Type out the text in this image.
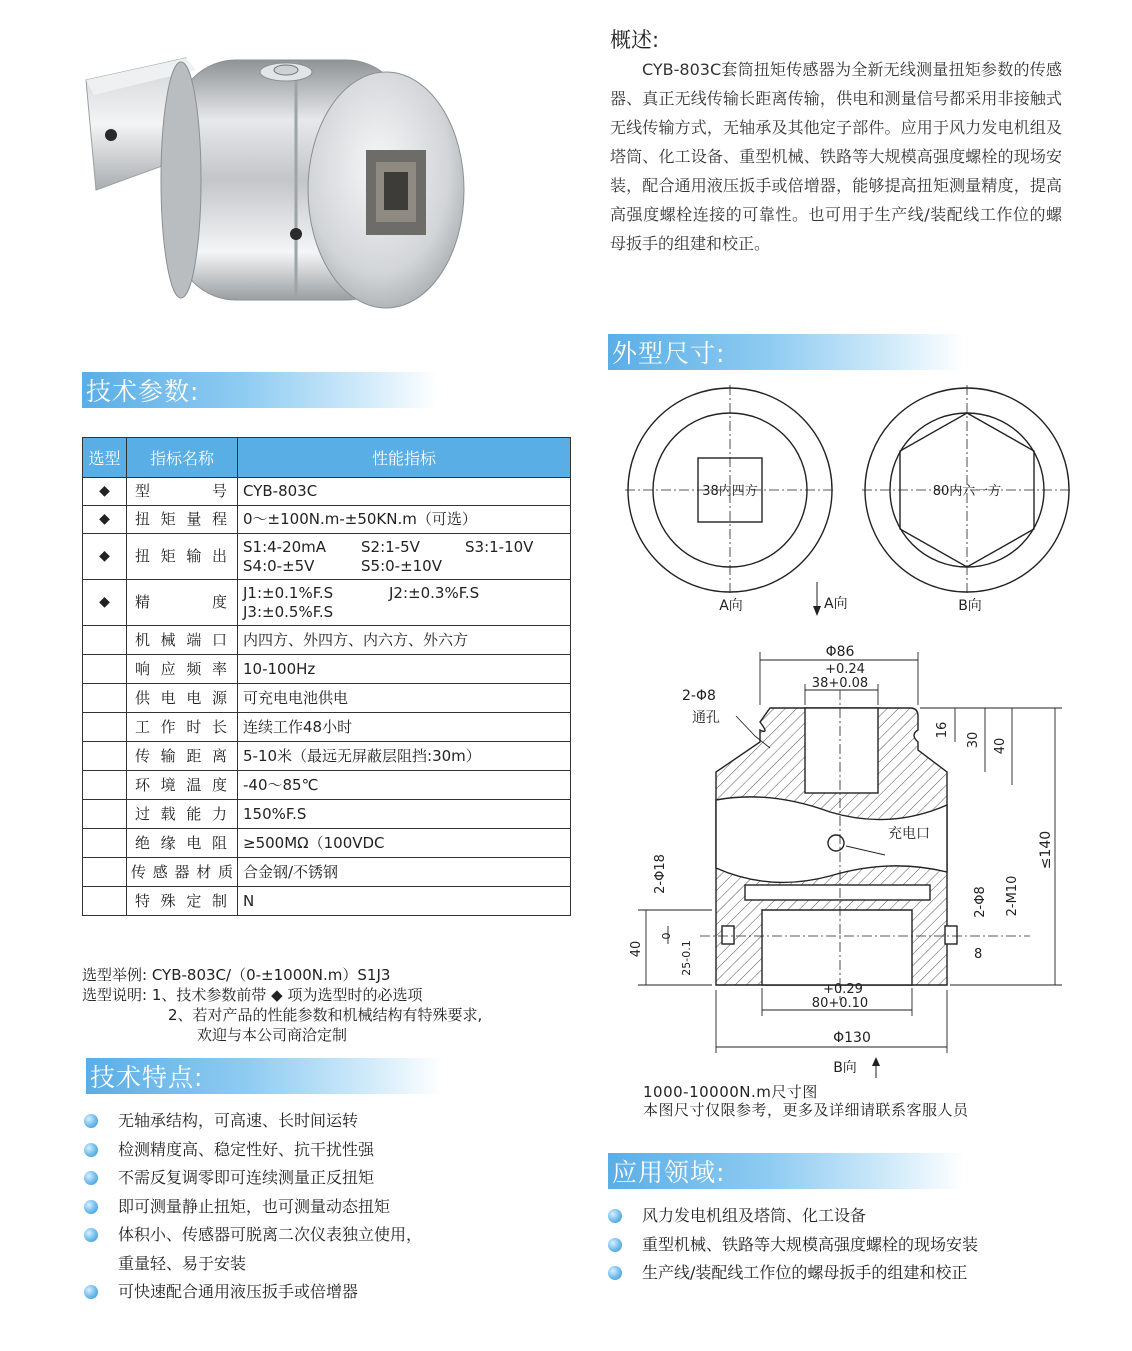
概述:
CYB-803C套筒扭矩传感器为全新无线测量扭矩参数的传感器、真正无线传输长距离传输，供电和测量信号都采用非接触式无线传输方式，无轴承及其他定子部件。应用于风力发电机组及塔筒、化工设备、重型机械、铁路等大规模高强度螺栓的现场安装，配合通用液压扳手或倍增器，能够提高扭矩测量精度，提高高强度螺栓连接的可靠性。也可用于生产线/装配线工作位的螺母扳手的组建和校正。
技术参数:
外型尺寸:
技术特点:
应用领域:
选型	指标名称	性能指标
◆	型号	CYB-803C
◆	扭矩量程	0～±100N.m-±50KN.m（可选）
◆	扭矩输出	S1:4-20mA S2:1-5V S3:1-10V
S4:0-±5V S5:0-±10V
◆	精度	J1:±0.1%F.S J2:±0.3%F.S
J3:±0.5%F.S
	机械端口	内四方、外四方、内六方、外六方
	响应频率	10-100Hz
	供电电源	可充电电池供电
	工作时长	连续工作48小时
	传输距离	5-10米（最远无屏蔽层阻挡:30m）
	环境温度	-40～85℃
	过载能力	150%F.S
	绝缘电阻	≥500MΩ（100VDC
	传感器材质	合金钢/不锈钢
	特殊定制	N
选型举例: CYB-803C/（0-±1000N.m）S1J3
选型说明: 1、技术参数前带 ◆ 项为选型时的必选项
2、若对产品的性能参数和机械结构有特殊要求,
欢迎与本公司商洽定制
无轴承结构，可高速、长时间运转
检测精度高、稳定性好、抗干扰性强
不需反复调零即可连续测量正反扭矩
即可测量静止扭矩，也可测量动态扭矩
体积小、传感器可脱离二次仪表独立使用，
重量轻、易于安装
可快速配合通用液压扳手或倍增器
风力发电机组及塔筒、化工设备
重型机械、铁路等大规模高强度螺栓的现场安装
生产线/装配线工作位的螺母扳手的组建和校正
38内四方	80内六一方
A向	B向
A向
Φ86
+0.24
38+0.08
2-Φ8
通孔
16
30 40
≤140
充电口
2-Φ18
2-Φ8 2-M10
8
40
0
25-0.1
+0.29
80+0.10
Φ130
B向
1000-10000N.m尺寸图
本图尺寸仅限参考，更多及详细请联系客服人员
